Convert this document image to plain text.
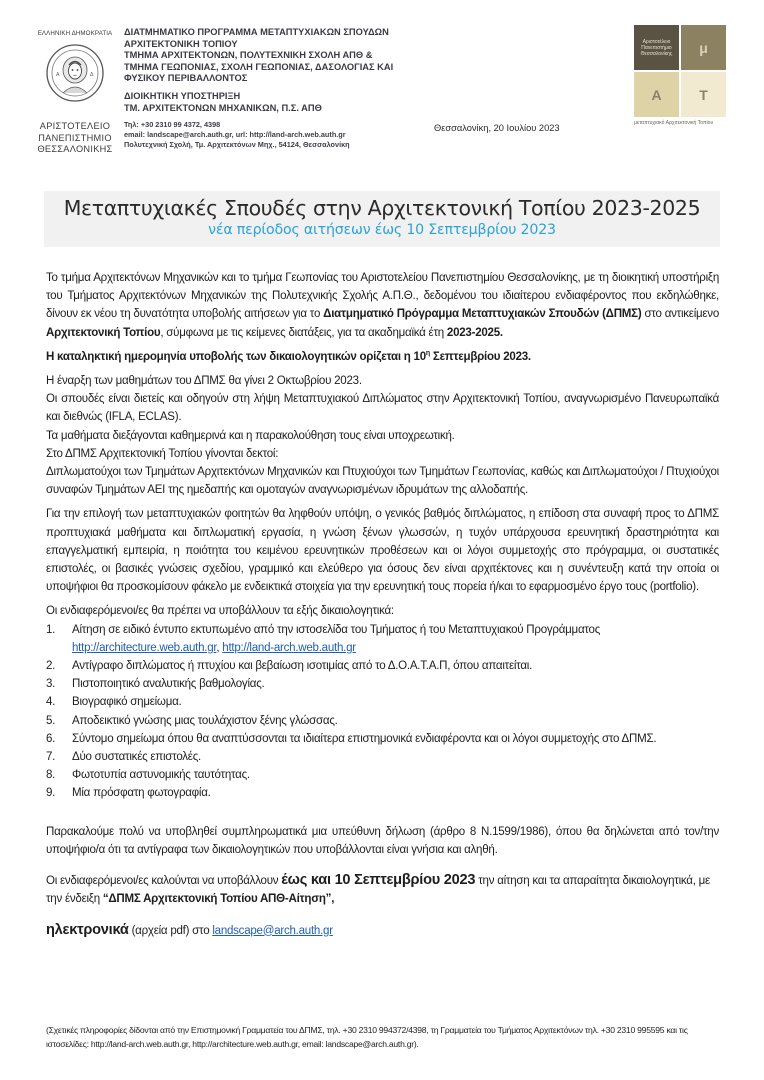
ΕΛΛΗΝΙΚΗ ΔΗΜΟΚΡΑΤΙΑ
Α	Δ
ΑΡΙΣΤΟΤΕΛΕΙΟ
ΠΑΝΕΠΙΣΤΗΜΙΟ
ΘΕΣΣΑΛΟΝΙΚΗΣ
ΔΙΑΤΜΗΜΑΤΙΚΟ ΠΡΟΓΡΑΜΜΑ ΜΕΤΑΠΤΥΧΙΑΚΩΝ ΣΠΟΥΔΩΝ
ΑΡΧΙΤΕΚΤΟΝΙΚΗ ΤΟΠΙΟΥ
ΤΜΗΜΑ ΑΡΧΙΤΕΚΤΟΝΩΝ, ΠΟΛΥΤΕΧΝΙΚΗ ΣΧΟΛΗ ΑΠΘ &
ΤΜΗΜΑ ΓΕΩΠΟΝΙΑΣ, ΣΧΟΛΗ ΓΕΩΠΟΝΙΑΣ, ΔΑΣΟΛΟΓΙΑΣ ΚΑΙ
ΦΥΣΙΚΟΥ ΠΕΡΙΒΑΛΛΟΝΤΟΣ
ΔΙΟΙΚΗΤΙΚΗ ΥΠΟΣΤΗΡΙΞΗ
ΤΜ. ΑΡΧΙΤΕΚΤΟΝΩΝ ΜΗΧΑΝΙΚΩΝ, Π.Σ. ΑΠΘ
Τηλ: +30 2310 99 4372, 4398
email: landscape@arch.auth.gr, url: http://land-arch.web.auth.gr
Πολυτεχνική Σχολή, Τμ. Αρχιτεκτόνων Μηχ., 54124, Θεσσαλονίκη
Θεσσαλονίκη, 20 Ιουλίου 2023
Αριστοτέλειο
Πανεπιστήμιο
Θεσσαλονίκης	μ
Α	Τ
μεταπτυχιακό Αρχιτεκτονική Τοπίου
Μεταπτυχιακές Σπουδές στην Αρχιτεκτονική Τοπίου 2023-2025
νέα περίοδος αιτήσεων έως 10 Σεπτεμβρίου 2023

Το τμήμα Αρχιτεκτόνων Μηχανικών και το τμήμα Γεωπονίας του Αριστοτελείου Πανεπιστημίου Θεσσαλονίκης, με τη διοικητική υποστήριξη του Τμήματος Αρχιτεκτόνων Μηχανικών της Πολυτεχνικής Σχολής Α.Π.Θ., δεδομένου του ιδιαίτερου ενδιαφέροντος που εκδηλώθηκε, δίνουν εκ νέου τη δυνατότητα υποβολής αιτήσεων για το Διατμηματικό Πρόγραμμα Μεταπτυχιακών Σπουδών (ΔΠΜΣ) στο αντικείμενο Αρχιτεκτονική Τοπίου, σύμφωνα με τις κείμενες διατάξεις, για τα ακαδημαϊκά έτη 2023-2025.

Η καταληκτική ημερομηνία υποβολής των δικαιολογητικών ορίζεται η $10^\eta$ Σεπτεμβρίου 2023.

Η έναρξη των μαθημάτων του ΔΠΜΣ θα γίνει 2 Οκτωβρίου 2023.

Οι σπουδές είναι διετείς και οδηγούν στη λήψη Μεταπτυχιακού Διπλώματος στην Αρχιτεκτονική Τοπίου, αναγνωρισμένο Πανευρωπαϊκά και διεθνώς (IFLA, ECLAS).

Τα μαθήματα διεξάγονται καθημερινά και η παρακολούθηση τους είναι υποχρεωτική.

Στο ΔΠΜΣ Αρχιτεκτονική Τοπίου γίνονται δεκτοί:

Διπλωματούχοι των Τμημάτων Αρχιτεκτόνων Μηχανικών και Πτυχιούχοι των Τμημάτων Γεωπονίας, καθώς και Διπλωματούχοι / Πτυχιούχοι συναφών Τμημάτων ΑΕΙ της ημεδαπής και ομοταγών αναγνωρισμένων ιδρυμάτων της αλλοδαπής.

Για την επιλογή των μεταπτυχιακών φοιτητών θα ληφθούν υπόψη, ο γενικός βαθμός διπλώματος, η επίδοση στα συναφή προς το ΔΠΜΣ προπτυχιακά μαθήματα και διπλωματική εργασία, η γνώση ξένων γλωσσών, η τυχόν υπάρχουσα ερευνητική δραστηριότητα και επαγγελματική εμπειρία, η ποιότητα του κειμένου ερευνητικών προθέσεων και οι λόγοι συμμετοχής στο πρόγραμμα, οι συστατικές επιστολές, οι βασικές γνώσεις σχεδίου, γραμμικό και ελεύθερο για όσους δεν είναι αρχιτέκτονες και η συνέντευξη κατά την οποία οι υποψήφιοι θα προσκομίσουν φάκελο με ενδεικτικά στοιχεία για την ερευνητική τους πορεία ή/και το εφαρμοσμένο έργο τους (portfolio).

Οι ενδιαφερόμενοι/ες θα πρέπει να υποβάλλουν τα εξής δικαιολογητικά:

1.	Αίτηση σε ειδικό έντυπο εκτυπωμένο από την ιστοσελίδα του Τμήματος ή του Μεταπτυχιακού Προγράμματος http://architecture.web.auth.gr, http://land-arch.web.auth.gr
2.	Αντίγραφο διπλώματος ή πτυχίου και βεβαίωση ισοτιμίας από το Δ.Ο.Α.Τ.Α.Π, όπου απαιτείται.
3.	Πιστοποιητικό αναλυτικής βαθμολογίας.
4.	Βιογραφικό σημείωμα.
5.	Αποδεικτικό γνώσης μιας τουλάχιστον ξένης γλώσσας.
6.	Σύντομο σημείωμα όπου θα αναπτύσσονται τα ιδιαίτερα επιστημονικά ενδιαφέροντα και οι λόγοι συμμετοχής στο ΔΠΜΣ.
7.	Δύο συστατικές επιστολές.
8.	Φωτοτυπία αστυνομικής ταυτότητας.
9.	Μία πρόσφατη φωτογραφία.

Παρακαλούμε πολύ να υποβληθεί συμπληρωματικά μια υπεύθυνη δήλωση (άρθρο 8 Ν.1599/1986), όπου θα δηλώνεται από τον/την υποψήφιο/α ότι τα αντίγραφα των δικαιολογητικών που υποβάλλονται είναι γνήσια και αληθή.

Οι ενδιαφερόμενοι/ες καλούνται να υποβάλλουν έως και 10 Σεπτεμβρίου 2023 την αίτηση και τα απαραίτητα δικαιολογητικά, με την ένδειξη “ΔΠΜΣ Αρχιτεκτονική Τοπίου ΑΠΘ-Αίτηση”,

ηλεκτρονικά (αρχεία pdf) στο landscape@arch.auth.gr

(Σχετικές πληροφορίες δίδονται από την Επιστημονική Γραμματεία του ΔΠΜΣ, τηλ. +30 2310 994372/4398, τη Γραμματεία του Τμήματος Αρχιτεκτόνων τηλ. +30 2310 995595 και τις ιστοσελίδες: http://land-arch.web.auth.gr, http://architecture.web.auth.gr, email: landscape@arch.auth.gr).
